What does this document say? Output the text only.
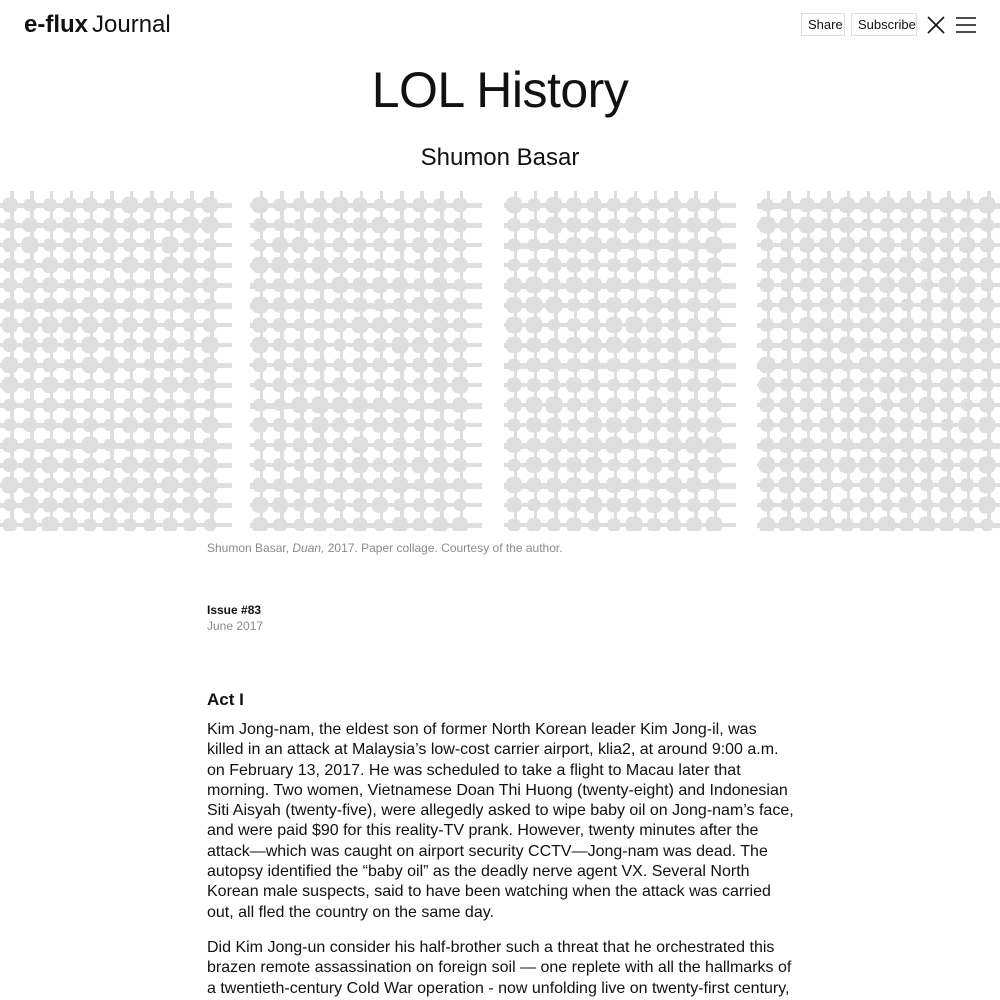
e-flux Journal	Share	Subscribe
LOL History
Shumon Basar
Shumon Basar, Duan, 2017. Paper collage. Courtesy of the author.
Issue #83
June 2017
Act I

Kim Jong-nam, the eldest son of former North Korean leader Kim Jong-il, was killed in an attack at Malaysia’s low-cost carrier airport, klia2, at around 9:00 a.m. on February 13, 2017. He was scheduled to take a flight to Macau later that morning. Two women, Vietnamese Doan Thi Huong (twenty-eight) and Indonesian Siti Aisyah (twenty-five), were allegedly asked to wipe baby oil on Jong-nam’s face, and were paid $90 for this reality-TV prank. However, twenty minutes after the attack—which was caught on airport security CCTV—Jong-nam was dead. The autopsy identified the “baby oil” as the deadly nerve agent VX. Several North Korean male suspects, said to have been watching when the attack was carried out, all fled the country on the same day.

Did Kim Jong-un consider his half-brother such a threat that he orchestrated this brazen remote assassination on foreign soil — one replete with all the hallmarks of a twentieth-century Cold War operation - now unfolding live on twenty-first century,
